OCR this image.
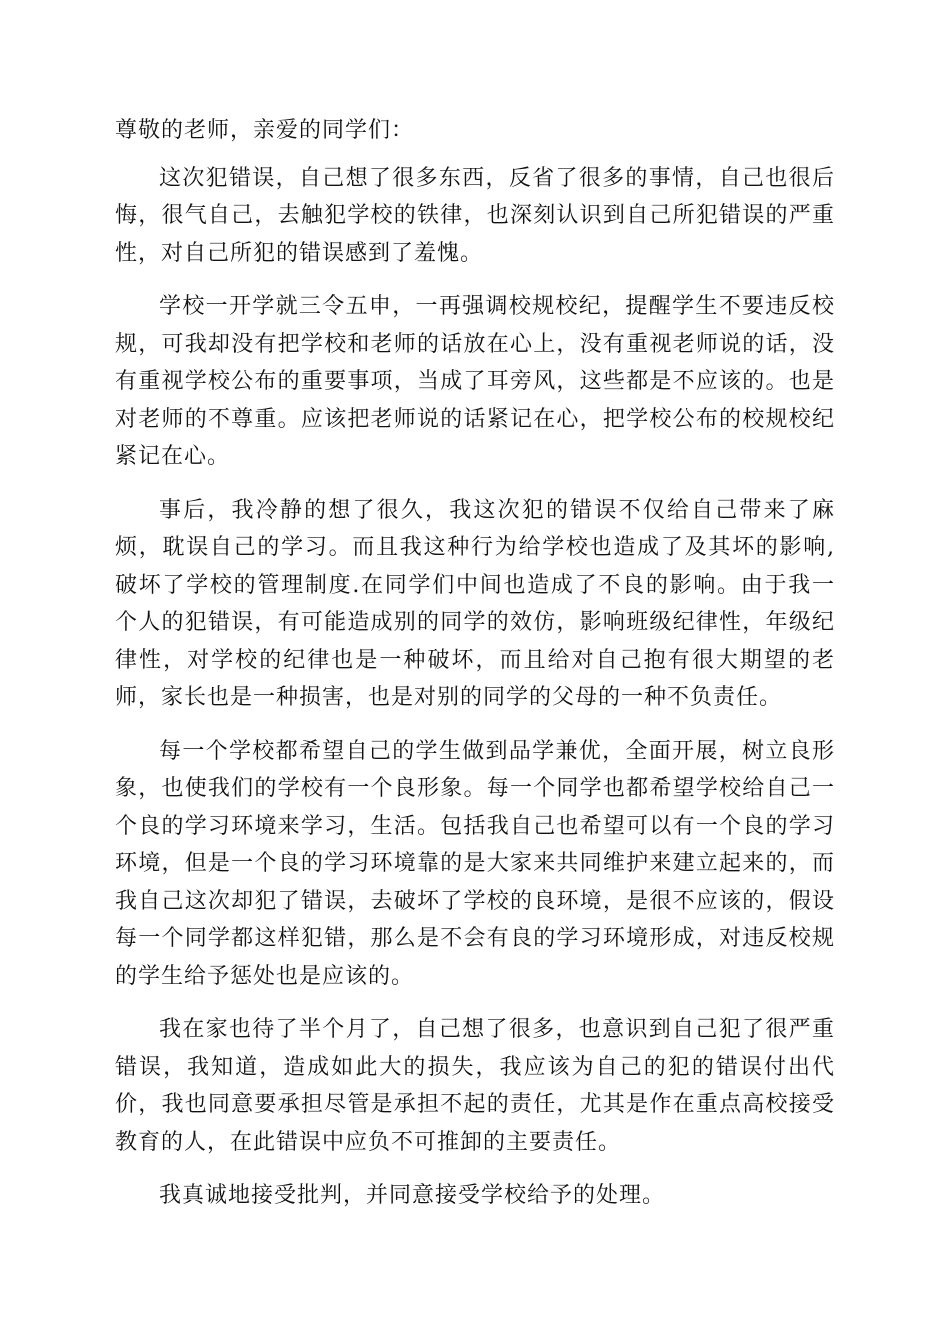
尊敬的老师，亲爱的同学们：

这次犯错误，自己想了很多东西，反省了很多的事情，自己也很后悔，很气自己，去触犯学校的铁律，也深刻认识到自己所犯错误的严重性，对自己所犯的错误感到了羞愧。

学校一开学就三令五申，一再强调校规校纪，提醒学生不要违反校规，可我却没有把学校和老师的话放在心上，没有重视老师说的话，没有重视学校公布的重要事项，当成了耳旁风，这些都是不应该的。也是对老师的不尊重。应该把老师说的话紧记在心，把学校公布的校规校纪紧记在心。

事后，我冷静的想了很久，我这次犯的错误不仅给自己带来了麻烦，耽误自己的学习。而且我这种行为给学校也造成了及其坏的影响,破坏了学校的管理制度.在同学们中间也造成了不良的影响。由于我一个人的犯错误，有可能造成别的同学的效仿，影响班级纪律性，年级纪律性，对学校的纪律也是一种破坏，而且给对自己抱有很大期望的老师，家长也是一种损害，也是对别的同学的父母的一种不负责任。

每一个学校都希望自己的学生做到品学兼优，全面开展，树立良形象，也使我们的学校有一个良形象。每一个同学也都希望学校给自己一个良的学习环境来学习，生活。包括我自己也希望可以有一个良的学习环境，但是一个良的学习环境靠的是大家来共同维护来建立起来的，而我自己这次却犯了错误，去破坏了学校的良环境，是很不应该的，假设每一个同学都这样犯错，那么是不会有良的学习环境形成，对违反校规的学生给予惩处也是应该的。

我在家也待了半个月了，自己想了很多，也意识到自己犯了很严重错误，我知道，造成如此大的损失，我应该为自己的犯的错误付出代价，我也同意要承担尽管是承担不起的责任，尤其是作在重点高校接受教育的人，在此错误中应负不可推卸的主要责任。

我真诚地接受批判，并同意接受学校给予的处理。
